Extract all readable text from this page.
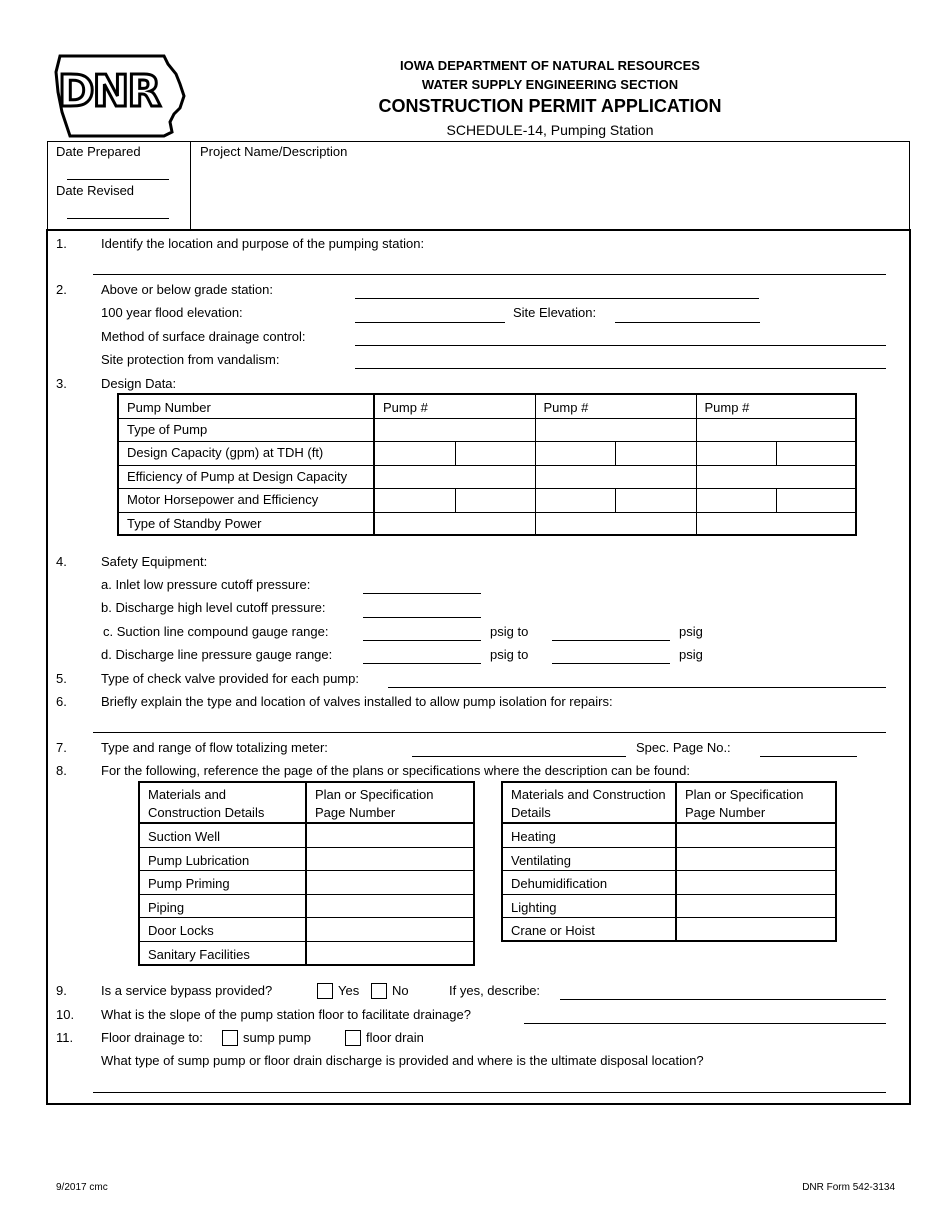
DNR
IOWA DEPARTMENT OF NATURAL RESOURCES
WATER SUPPLY ENGINEERING SECTION
CONSTRUCTION PERMIT APPLICATION
SCHEDULE-14, Pumping Station
Date Prepared
Date Revised
Project Name/Description
1.	Identify the location and purpose of the pumping station:
2.	Above or below grade station:
100 year flood elevation:	Site Elevation:
Method of surface drainage control:
Site protection from vandalism:
3.	Design Data:
Pump Number	Pump #		Pump #		Pump #	
Type of Pump						
Design Capacity (gpm) at TDH (ft)						
Efficiency of Pump at Design Capacity						
Motor Horsepower and Efficiency						
Type of Standby Power						
4.	Safety Equipment:
a. Inlet low pressure cutoff pressure:
b. Discharge high level cutoff pressure:
c. Suction line compound gauge range:	psig to	psig
d. Discharge line pressure gauge range:	psig to	psig
5.	Type of check valve provided for each pump:
6.	Briefly explain the type and location of valves installed to allow pump isolation for repairs:
7.	Type and range of flow totalizing meter:	Spec. Page No.:
8.	For the following, reference the page of the plans or specifications where the description can be found:
Materials and Construction Details	Plan or Specification Page Number
Suction Well	
Pump Lubrication	
Pump Priming	
Piping	
Door Locks	
Sanitary Facilities	
Materials and Construction Details	Plan or Specification Page Number
Heating	
Ventilating	
Dehumidification	
Lighting	
Crane or Hoist	
9.	Is a service bypass provided?	Yes	No	If yes, describe:
10. What is the slope of the pump station floor to facilitate drainage?
11. Floor drainage to:	sump pump	floor drain
What type of sump pump or floor drain discharge is provided and where is the ultimate disposal location?
9/2017 cmc	DNR Form 542-3134
